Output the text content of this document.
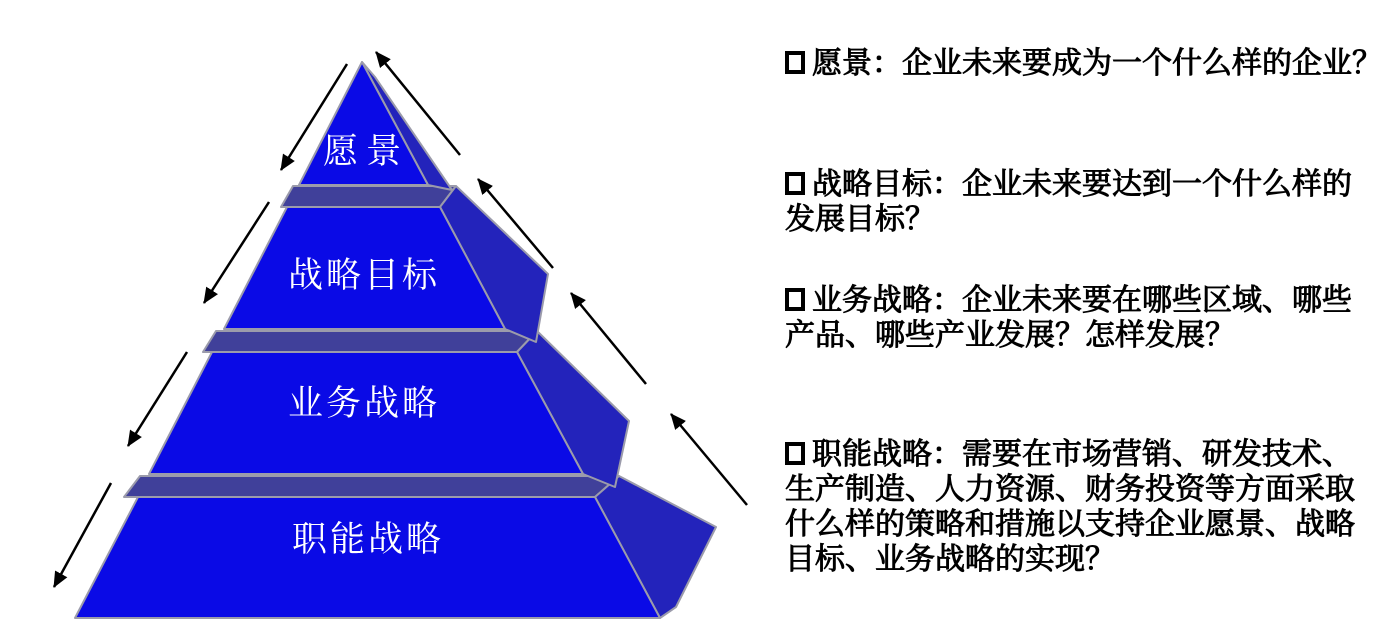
愿景
战略目标
业务战略
职能战略
愿景：企业未来要成为一个什么样的企业？
战略目标：企业未来要达到一个什么样的
发展目标？
业务战略：企业未来要在哪些区域、哪些
产品、哪些产业发展？怎样发展？
职能战略：需要在市场营销、研发技术、
生产制造、人力资源、财务投资等方面采取
什么样的策略和措施以支持企业愿景、战略
目标、业务战略的实现？
